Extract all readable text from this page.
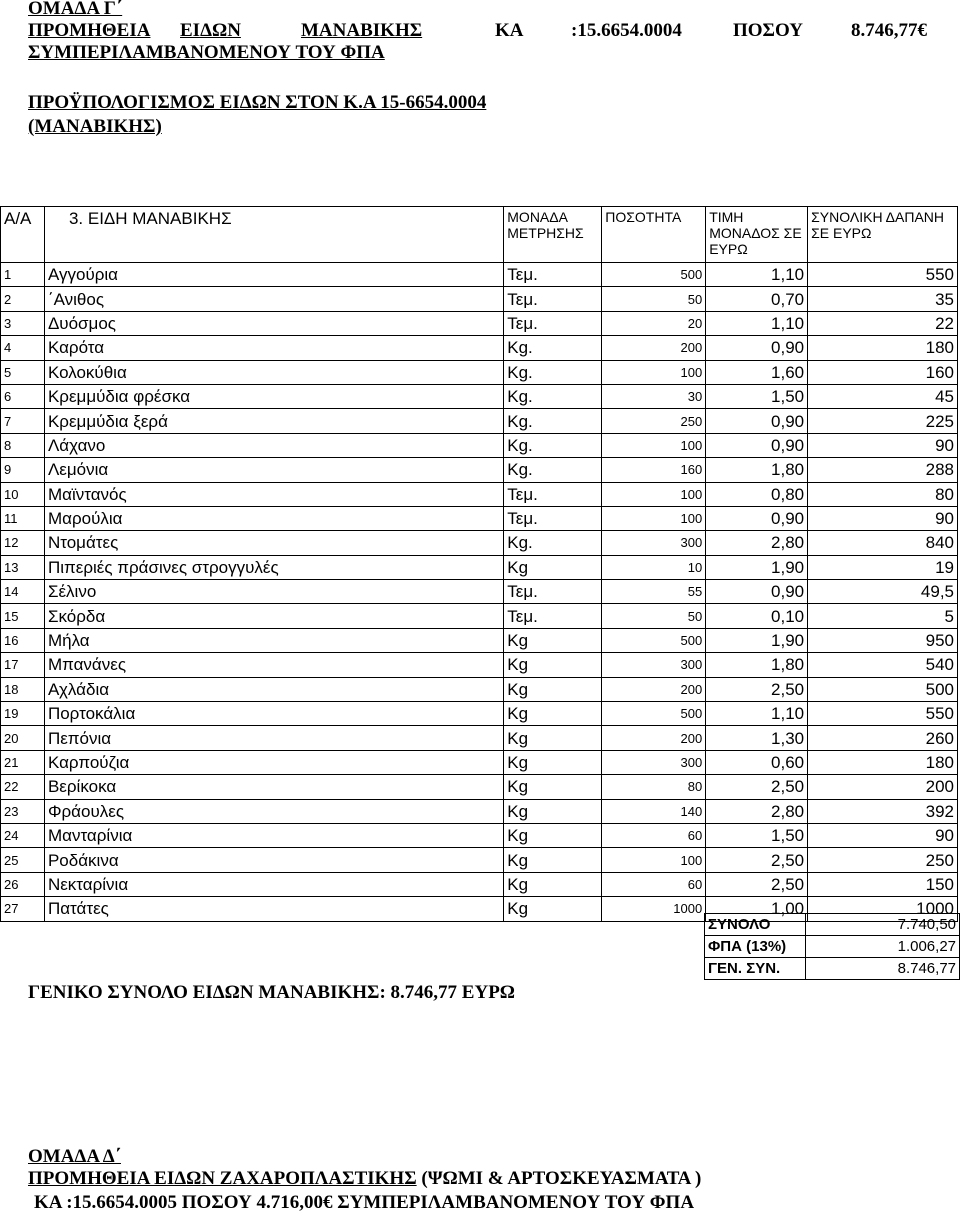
ΟΜΑΔΑ Γ΄
ΠΡΟΜΗΘΕΙΑ ΕΙΔΩΝ	ΜΑΝΑΒΙΚΗΣ	ΚΑ	:15.6654.0004	ΠΟΣΟΥ	8.746,77€
ΣΥΜΠΕΡΙΛΑΜΒΑΝΟΜΕΝΟΥ ΤΟΥ ΦΠΑ
ΠΡΟΫΠΟΛΟΓΙΣΜΟΣ ΕΙΔΩΝ ΣΤΟΝ Κ.Α 15-6654.0004
(ΜΑΝΑΒΙΚΗΣ)
Α/Α	3. ΕΙΔΗ ΜΑΝΑΒΙΚΗΣ	ΜΟΝΑΔΑ ΜΕΤΡΗΣΗΣ	ΠΟΣΟΤΗΤΑ	ΤΙΜΗ ΜΟΝΑΔΟΣ ΣΕ ΕΥΡΩ	ΣΥΝΟΛΙΚΗ ΔΑΠΑΝΗ ΣΕ ΕΥΡΩ
1	Αγγούρια	Τεμ.	500	1,10	550
2	΄Ανιθος	Τεμ.	50	0,70	35
3	Δυόσμος	Τεμ.	20	1,10	22
4	Καρότα	Kg.	200	0,90	180
5	Κολοκύθια	Kg.	100	1,60	160
6	Κρεμμύδια φρέσκα	Kg.	30	1,50	45
7	Κρεμμύδια ξερά	Kg.	250	0,90	225
8	Λάχανο	Kg.	100	0,90	90
9	Λεμόνια	Kg.	160	1,80	288
10	Μαϊντανός	Τεμ.	100	0,80	80
11	Μαρούλια	Τεμ.	100	0,90	90
12	Ντομάτες	Kg.	300	2,80	840
13	Πιπεριές πράσινες στρογγυλές	Kg	10	1,90	19
14	Σέλινο	Τεμ.	55	0,90	49,5
15	Σκόρδα	Τεμ.	50	0,10	5
16	Μήλα	Kg	500	1,90	950
17	Μπανάνες	Kg	300	1,80	540
18	Αχλάδια	Kg	200	2,50	500
19	Πορτοκάλια	Kg	500	1,10	550
20	Πεπόνια	Kg	200	1,30	260
21	Καρπούζια	Kg	300	0,60	180
22	Βερίκοκα	Kg	80	2,50	200
23	Φράουλες	Kg	140	2,80	392
24	Μανταρίνια	Kg	60	1,50	90
25	Ροδάκινα	Kg	100	2,50	250
26	Νεκταρίνια	Kg	60	2,50	150
27	Πατάτες	Kg	1000	1,00	1000
ΣΥΝΟΛΟ	7.740,50
ΦΠΑ (13%)	1.006,27
ΓΕΝ. ΣΥΝ.	8.746,77
ΓΕΝΙΚΟ ΣΥΝΟΛΟ ΕΙΔΩΝ ΜΑΝΑΒΙΚΗΣ: 8.746,77 ΕΥΡΩ
ΟΜΑΔΑ Δ΄
ΠΡΟΜΗΘΕΙΑ ΕΙΔΩΝ ΖΑΧΑΡΟΠΛΑΣΤΙΚΗΣ (ΨΩΜΙ & ΑΡΤΟΣΚΕΥΑΣΜΑΤΑ )
ΚΑ :15.6654.0005 ΠΟΣΟΥ 4.716,00€ ΣΥΜΠΕΡΙΛΑΜΒΑΝΟΜΕΝΟΥ ΤΟΥ ΦΠΑ
